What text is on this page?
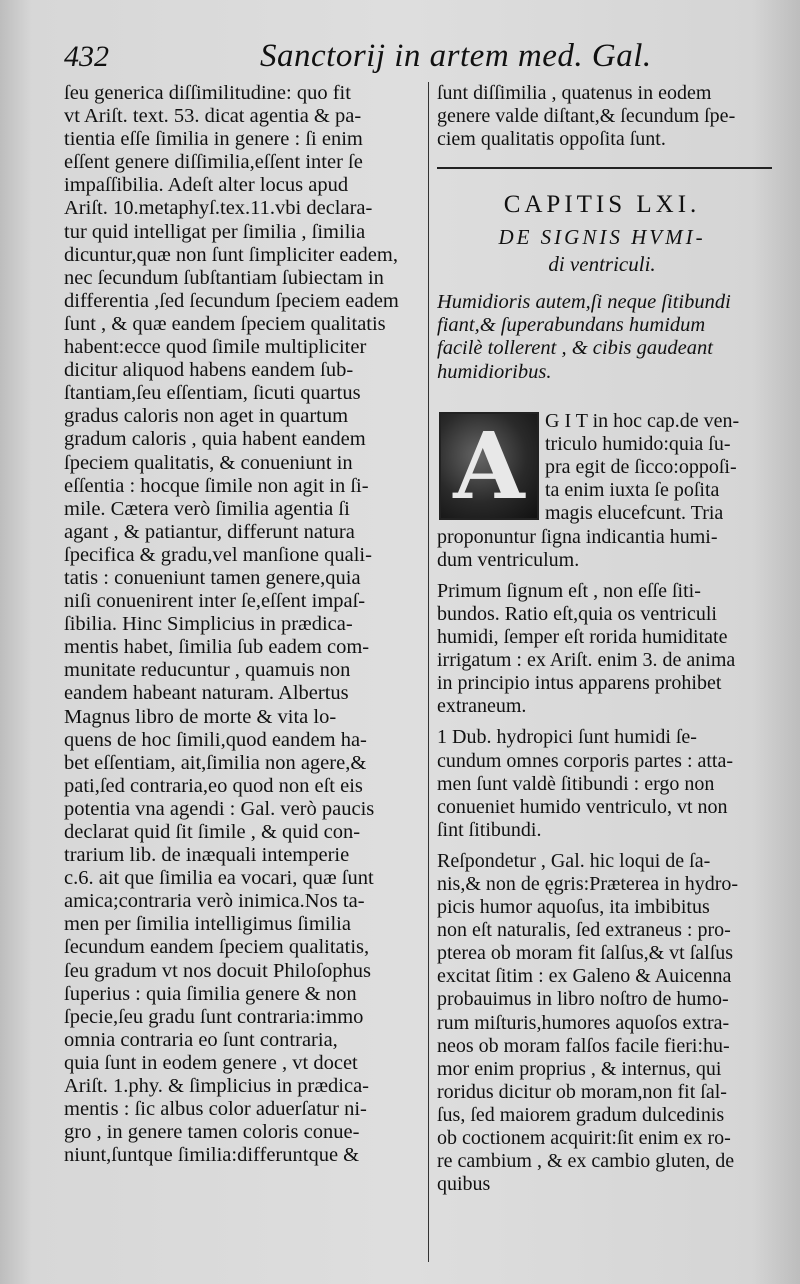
432	Sanctorij in artem med. Gal.
ſeu generica diſſimilitudine: quo fit
vt Ariſt. text. 53. dicat agentia & pa-
tientia eſſe ſimilia in genere : ſi enim
eſſent genere diſſimilia,eſſent inter ſe
impaſſibilia. Adeſt alter locus apud
Ariſt. 10.metaphyſ.tex.11.vbi declara-
tur quid intelligat per ſimilia , ſimilia
dicuntur,quæ non ſunt ſimpliciter eadem,
nec ſecundum ſubſtantiam ſubiectam in
differentia ,ſed ſecundum ſpeciem eadem
ſunt , & quæ eandem ſpeciem qualitatis
habent:ecce quod ſimile multipliciter
dicitur aliquod habens eandem ſub-
ſtantiam,ſeu eſſentiam, ſicuti quartus
gradus caloris non aget in quartum
gradum caloris , quia habent eandem
ſpeciem qualitatis, & conueniunt in
eſſentia : hocque ſimile non agit in ſi-
mile. Cætera verò ſimilia agentia ſi
agant , & patiantur, differunt natura
ſpecifica & gradu,vel manſione quali-
tatis : conueniunt tamen genere,quia
niſi conuenirent inter ſe,eſſent impaſ-
ſibilia. Hinc Simplicius in prædica-
mentis habet, ſimilia ſub eadem com-
munitate reducuntur , quamuis non
eandem habeant naturam. Albertus
Magnus libro de morte & vita lo-
quens de hoc ſimili,quod eandem ha-
bet eſſentiam, ait,ſimilia non agere,&
pati,ſed contraria,eo quod non eſt eis
potentia vna agendi : Gal. verò paucis
declarat quid ſit ſimile , & quid con-
trarium lib. de inæquali intemperie
c.6. ait que ſimilia ea vocari, quæ ſunt
amica;contraria verò inimica.Nos ta-
men per ſimilia intelligimus ſimilia
ſecundum eandem ſpeciem qualitatis,
ſeu gradum vt nos docuit Philoſophus
ſuperius : quia ſimilia genere & non
ſpecie,ſeu gradu ſunt contraria:immo
omnia contraria eo ſunt contraria,
quia ſunt in eodem genere , vt docet
Ariſt. 1.phy. & ſimplicius in prædica-
mentis : ſic albus color aduerſatur ni-
gro , in genere tamen coloris conue-
niunt,ſuntque ſimilia:differuntque &
ſunt diſſimilia , quatenus in eodem
genere valde diſtant,& ſecundum ſpe-
ciem qualitatis oppoſita ſunt.
CAPITIS LXI.
DE SIGNIS HVMI-
di ventriculi.
Humidioris autem,ſi neque ſitibundi
fiant,& ſuperabundans humidum
facilè tollerent , & cibis gaudeant
humidioribus.
A	G I T in hoc cap.de ven-
triculo humido:quia ſu-
pra egit de ſicco:oppoſi-
ta enim iuxta ſe poſita
magis elucefcunt. Tria
proponuntur ſigna indicantia humi-
dum ventriculum.
Primum ſignum eſt , non eſſe ſiti-
bundos. Ratio eſt,quia os ventriculi
humidi, ſemper eſt rorida humiditate
irrigatum : ex Ariſt. enim 3. de anima
in principio intus apparens prohibet
extraneum.
1 Dub. hydropici ſunt humidi ſe-
cundum omnes corporis partes : atta-
men ſunt valdè ſitibundi : ergo non
conueniet humido ventriculo, vt non
ſint ſitibundi.
Reſpondetur , Gal. hic loqui de ſa-
nis,& non de ęgris:Præterea in hydro-
picis humor aquoſus, ita imbibitus
non eſt naturalis, ſed extraneus : pro-
pterea ob moram fit ſalſus,& vt ſalſus
excitat ſitim : ex Galeno & Auicenna
probauimus in libro noſtro de humo-
rum miſturis,humores aquoſos extra-
neos ob moram falſos facile fieri:hu-
mor enim proprius , & internus, qui
roridus dicitur ob moram,non fit ſal-
ſus, ſed maiorem gradum dulcedinis
ob coctionem acquirit:ſit enim ex ro-
re cambium , & ex cambio gluten, de
quibus
